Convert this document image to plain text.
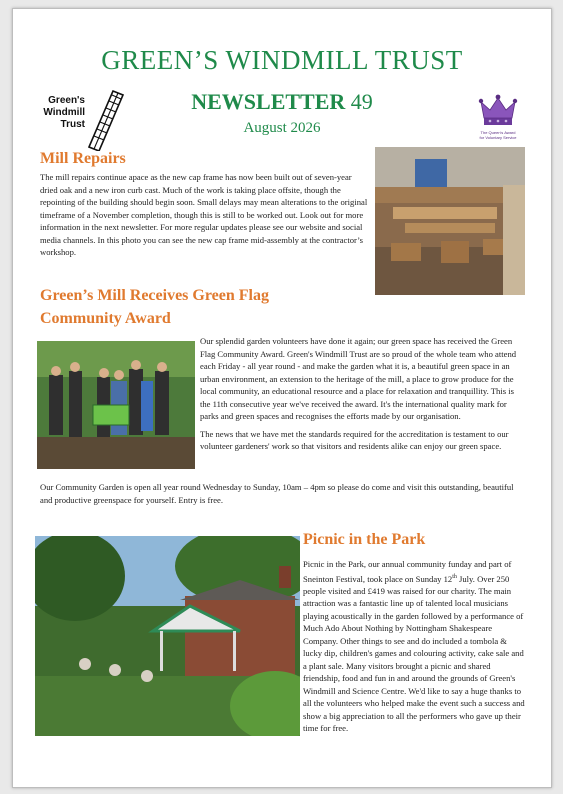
GREEN’S WINDMILL TRUST
NEWSLETTER 49
August 2026
Green's
Windmill
Trust
The Queen's Award
for Voluntary Service
Mill Repairs
The mill repairs continue apace as the new cap frame has now been built out of seven-year dried oak and a new iron curb cast. Much of the work is taking place offsite, though the repointing of the building should begin soon. Small delays may mean alterations to the original timeframe of a November completion, though this is still to be worked out. Look out for more information in the next newsletter. For more regular updates please see our website and social media channels. In this photo you can see the new cap frame mid-assembly at the contractor’s workshop.
Green’s Mill Receives Green Flag
Community Award
Our splendid garden volunteers have done it again; our green space has received the Green Flag Community Award. Green's Windmill Trust are so proud of the whole team who attend each Friday - all year round - and make the garden what it is, a beautiful green space in an urban environment, an extension to the heritage of the mill, a place to grow produce for the local community, an educational resource and a place for relaxation and tranquillity. This is the 11th consecutive year we've received the award. It's the international quality mark for parks and green spaces and recognises the efforts made by our organisation.
The news that we have met the standards required for the accreditation is testament to our volunteer gardeners' work so that visitors and residents alike can enjoy our green space.
Our Community Garden is open all year round Wednesday to Sunday, 10am – 4pm so please do come and visit this outstanding, beautiful and productive greenspace for yourself. Entry is free.
Picnic in the Park
Picnic in the Park, our annual community funday and part of Sneinton Festival, took place on Sunday 12th July. Over 250 people visited and £419 was raised for our charity. The main attraction was a fantastic line up of talented local musicians playing acoustically in the garden followed by a performance of Much Ado About Nothing by Nottingham Shakespeare Company. Other things to see and do included a tombola & lucky dip, children's games and colouring activity, cake sale and a plant sale. Many visitors brought a picnic and shared friendship, food and fun in and around the grounds of Green's Windmill and Science Centre. We'd like to say a huge thanks to all the volunteers who helped make the event such a success and show a big appreciation to all the performers who gave up their time for free.
